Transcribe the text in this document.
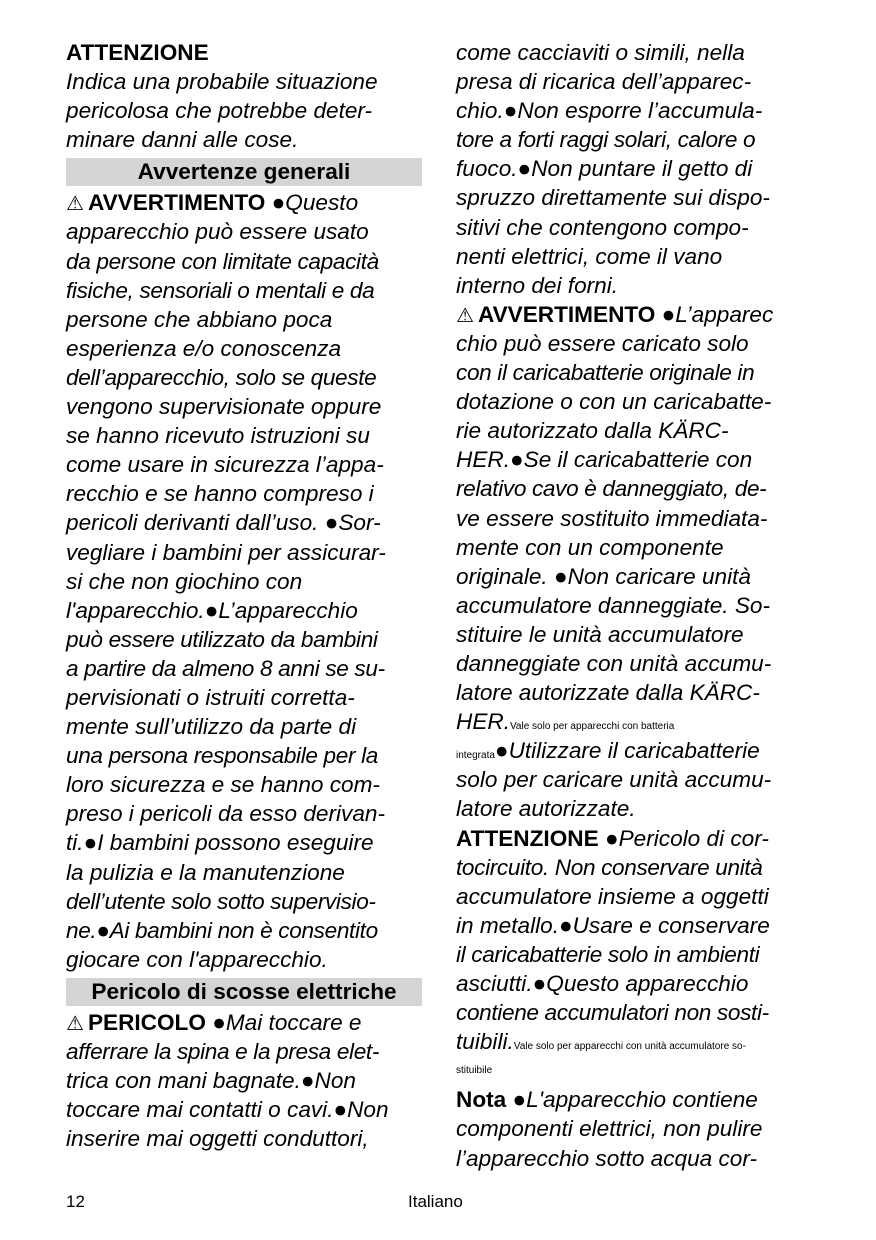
ATTENZIONE
Indica una probabile situazione
pericolosa che potrebbe deter-
minare danni alle cose.
Avvertenze generali
⚠ AVVERTIMENTO ●Questo
apparecchio può essere usato
da persone con limitate capacità
fisiche, sensoriali o mentali e da
persone che abbiano poca
esperienza e/o conoscenza
dell’apparecchio, solo se queste
vengono supervisionate oppure
se hanno ricevuto istruzioni su
come usare in sicurezza l’appa-
recchio e se hanno compreso i
pericoli derivanti dall’uso. ●Sor-
vegliare i bambini per assicurar-
si che non giochino con
l'apparecchio.●L’apparecchio
può essere utilizzato da bambini
a partire da almeno 8 anni se su-
pervisionati o istruiti corretta-
mente sull’utilizzo da parte di
una persona responsabile per la
loro sicurezza e se hanno com-
preso i pericoli da esso derivan-
ti.●I bambini possono eseguire
la pulizia e la manutenzione
dell’utente solo sotto supervisio-
ne.●Ai bambini non è consentito
giocare con l'apparecchio.
Pericolo di scosse elettriche
⚠ PERICOLO ●Mai toccare e
afferrare la spina e la presa elet-
trica con mani bagnate.●Non
toccare mai contatti o cavi.●Non
inserire mai oggetti conduttori,
come cacciaviti o simili, nella
presa di ricarica dell’apparec-
chio.●Non esporre l’accumula-
tore a forti raggi solari, calore o
fuoco.●Non puntare il getto di
spruzzo direttamente sui dispo-
sitivi che contengono compo-
nenti elettrici, come il vano
interno dei forni.
⚠ AVVERTIMENTO ●L’apparec
chio può essere caricato solo
con il caricabatterie originale in
dotazione o con un caricabatte-
rie autorizzato dalla KÄRC-
HER.●Se il caricabatterie con
relativo cavo è danneggiato, de-
ve essere sostituito immediata-
mente con un componente
originale. ●Non caricare unità
accumulatore danneggiate. So-
stituire le unità accumulatore
danneggiate con unità accumu-
latore autorizzate dalla KÄRC-
HER.Vale solo per apparecchi con batteria
integrata●Utilizzare il caricabatterie
solo per caricare unità accumu-
latore autorizzate.
ATTENZIONE ●Pericolo di cor-
tocircuito. Non conservare unità
accumulatore insieme a oggetti
in metallo.●Usare e conservare
il caricabatterie solo in ambienti
asciutti.●Questo apparecchio
contiene accumulatori non sosti-
tuibili.Vale solo per apparecchi con unità accumulatore so-
stituibile
Nota ●L'apparecchio contiene
componenti elettrici, non pulire
l’apparecchio sotto acqua cor-
12	Italiano
